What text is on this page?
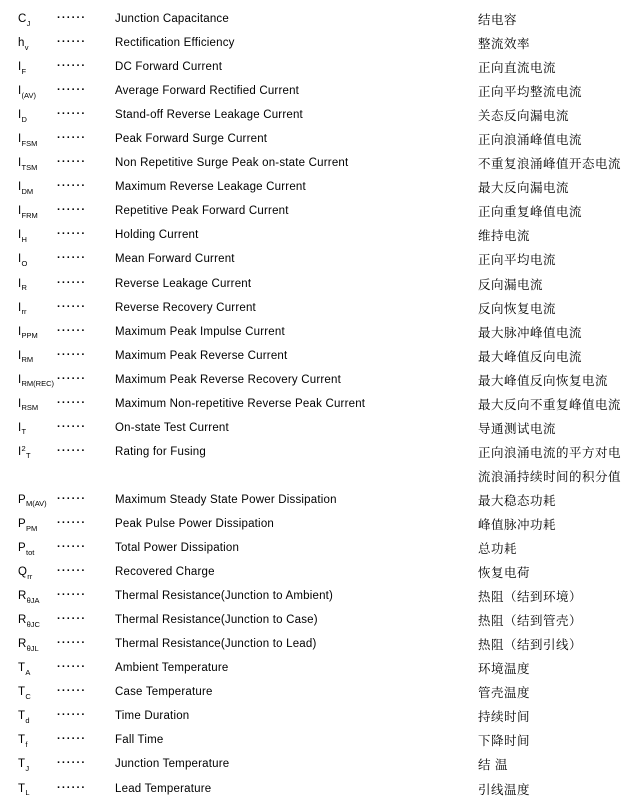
$C_J$ ······	Junction Capacitance	结电容
$h_v$	······	Rectification Efficiency	整流效率
$I_F$	······	DC Forward Current	正向直流电流
$I_{(AV)}$ ······	Average Forward Rectified Current	正向平均整流电流
$I_D$	······	Stand-off Reverse Leakage Current	关态反向漏电流
$I_{FSM}$ ······	Peak Forward Surge Current	正向浪涌峰值电流
$I_{TSM}$ ······	Non Repetitive Surge Peak on-state Current	不重复浪涌峰值开态电流
$I_{DM}$ ······	Maximum Reverse Leakage Current	最大反向漏电流
$I_{FRM}$ ······	Repetitive Peak Forward Current	正向重复峰值电流
$I_H$	······	Holding Current	维持电流
$I_O$	······	Mean Forward Current	正向平均电流
$I_R$	······	Reverse Leakage Current	反向漏电流
$I_{rr}$	······	Reverse Recovery Current	反向恢复电流
$I_{PPM}$ ······	Maximum Peak Impulse Current	最大脉冲峰值电流
$I_{RM}$ ······	Maximum Peak Reverse Current	最大峰值反向电流
$I_{RM(REC)}$ ······	Maximum Peak Reverse Recovery Current	最大峰值反向恢复电流
$I_{RSM}$ ······	Maximum Non-repetitive Reverse Peak Current	最大反向不重复峰值电流
$I_T$	······	On-state Test Current	导通测试电流
$I^2_T$ ······	Rating for Fusing	正向浪涌电流的平方对电
流浪涌持续时间的积分值
$P_{M(AV)}$ ······	Maximum Steady State Power Dissipation	最大稳态功耗
$P_{PM}$ ······	Peak Pulse Power Dissipation	峰值脉冲功耗
$P_{tot}$ ······	Total Power Dissipation	总功耗
$Q_{rr}$ ······	Recovered Charge	恢复电荷
$R_{\theta JA}$ ······	Thermal Resistance(Junction to Ambient)	热阻（结到环境）
$R_{\theta JC}$ ······	Thermal Resistance(Junction to Case)	热阻（结到管壳）
$R_{\theta JL}$ ······	Thermal Resistance(Junction to Lead)	热阻（结到引线）
$T_A$ ······	Ambient Temperature	环境温度
$T_C$ ······	Case Temperature	管壳温度
$T_d$	······	Time Duration	持续时间
$T_f$	······	Fall Time	下降时间
$T_J$	······	Junction Temperature	结 温
$T_L$	······	Lead Temperature	引线温度
